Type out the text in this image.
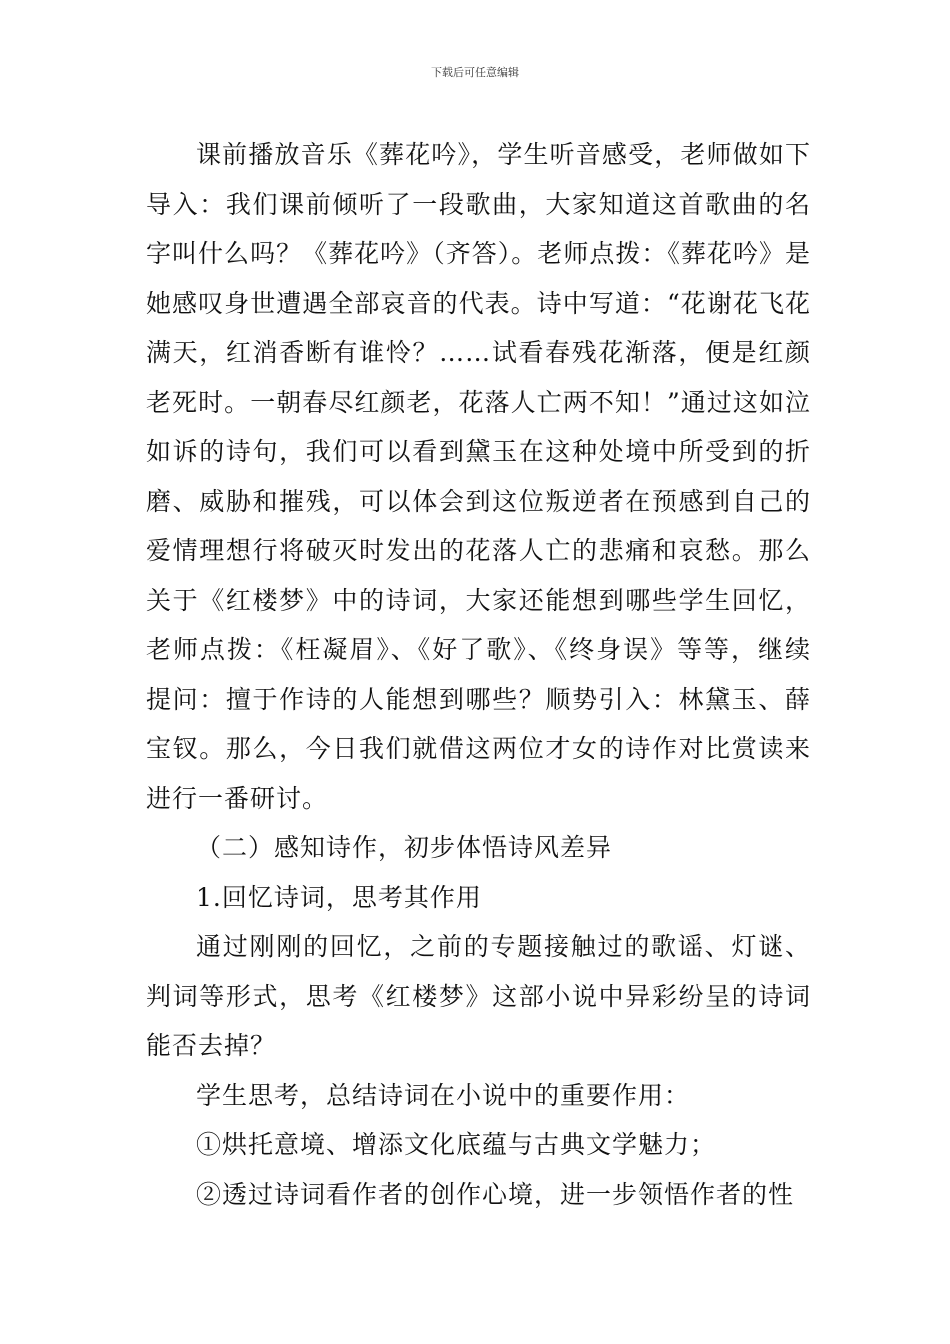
下载后可任意编辑

课前播放音乐《葬花吟》，学生听音感受，老师做如下导入：我们课前倾听了一段歌曲，大家知道这首歌曲的名字叫什么吗？《葬花吟》（齐答）。老师点拨：《葬花吟》是她感叹身世遭遇全部哀音的代表。诗中写道：“花谢花飞花满天，红消香断有谁怜？……试看春残花渐落，便是红颜老死时。一朝春尽红颜老，花落人亡两不知！”通过这如泣如诉的诗句，我们可以看到黛玉在这种处境中所受到的折磨、威胁和摧残，可以体会到这位叛逆者在预感到自己的爱情理想行将破灭时发出的花落人亡的悲痛和哀愁。那么关于《红楼梦》中的诗词，大家还能想到哪些学生回忆，老师点拨：《枉凝眉》、《好了歌》、《终身误》等等，继续提问：擅于作诗的人能想到哪些？顺势引入：林黛玉、薛宝钗。那么，今日我们就借这两位才女的诗作对比赏读来进行一番研讨。

（二）感知诗作，初步体悟诗风差异

1.回忆诗词，思考其作用

通过刚刚的回忆，之前的专题接触过的歌谣、灯谜、判词等形式，思考《红楼梦》这部小说中异彩纷呈的诗词能否去掉？

学生思考，总结诗词在小说中的重要作用：

①烘托意境、增添文化底蕴与古典文学魅力；

②透过诗词看作者的创作心境，进一步领悟作者的性
